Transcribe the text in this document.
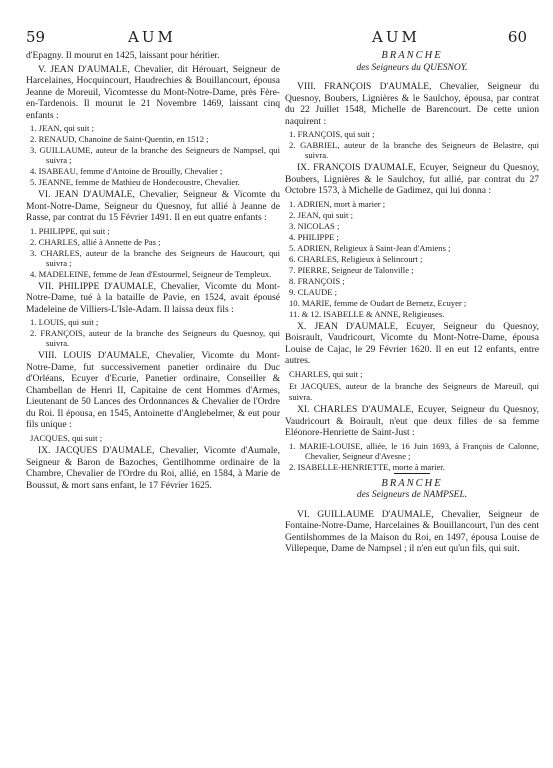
59	AUM	AUM	60

d'Epagny. Il mourut en 1425, laissant pour héritier.

V. JEAN D'AUMALE, Chevalier, dit Hérouart, Seigneur de Harcelaines, Hocquincourt, Haudrechies & Bouillancourt, épousa Jeanne de Moreuil, Vicomtesse du Mont-Notre-Dame, près Fère-en-Tardenois. Il mourut le 21 Novembre 1469, laissant cinq enfants :

1. JEAN, qui suit ;

2. RENAUD, Chanoine de Saint-Quentin, en 1512 ;

3. GUILLAUME, auteur de la branche des Seigneurs de Nampsel, qui suivra ;

4. ISABEAU, femme d'Antoine de Brouilly, Chevalier ;

5. JEANNE, femme de Mathieu de Hondecoustre, Chevalier.

VI. JEAN D'AUMALE, Chevalier, Seigneur & Vicomte du Mont-Notre-Dame, Seigneur du Quesnoy, fut allié à Jeanne de Rasse, par contrat du 15 Février 1491. Il en eut quatre enfants :

1. PHILIPPE, qui suit ;

2. CHARLES, allié à Annette de Pas ;

3. CHARLES, auteur de la branche des Seigneurs de Haucourt, qui suivra ;

4. MADELEINE, femme de Jean d'Estourmel, Seigneur de Templeux.

VII. PHILIPPE D'AUMALE, Chevalier, Vicomte du Mont-Notre-Dame, tué à la bataille de Pavie, en 1524, avait épousé Madeleine de Villiers-L'Isle-Adam. Il laissa deux fils :

1. LOUIS, qui suit ;

2. FRANÇOIS, auteur de la branche des Seigneurs du Quesnoy, qui suivra.

VIII. LOUIS D'AUMALE, Chevalier, Vicomte du Mont-Notre-Dame, fut successivement panetier ordinaire du Duc d'Orléans, Ecuyer d'Ecurie, Panetier ordinaire, Conseiller & Chambellan de Henri II, Capitaine de cent Hommes d'Armes, Lieutenant de 50 Lances des Ordonnances & Chevalier de l'Ordre du Roi. Il épousa, en 1545, Antoinette d'Anglebelmer, & eut pour fils unique :

JACQUES, qui suit ;

IX. JACQUES D'AUMALE, Chevalier, Vicomte d'Aumale, Seigneur & Baron de Bazoches, Gentilhomme ordinaire de la Chambre, Chevalier de l'Ordre du Roi, allié, en 1584, à Marie de Boussut, & mort sans enfant, le 17 Février 1625.

BRANCHE

des Seigneurs du QUESNOY.

VIII. FRANÇOIS D'AUMALE, Chevalier, Seigneur du Quesnoy, Boubers, Lignières & le Saulchoy, épousa, par contrat du 22 Juillet 1548, Michelle de Barencourt. De cette union naquirent :

1. FRANÇOIS, qui suit ;

2. GABRIEL, auteur de la branche des Seigneurs de Belastre, qui suivra.

IX. FRANÇOIS D'AUMALE, Ecuyer, Seigneur du Quesnoy, Boubers, Lignières & le Saulchoy, fut allié, par contrat du 27 Octobre 1573, à Michelle de Gadimez, qui lui donna :

1. ADRIEN, mort à marier ;

2. JEAN, qui suit ;

3. NICOLAS ;

4. PHILIPPE ;

5. ADRIEN, Religieux à Saint-Jean d'Amiens ;

6. CHARLES, Religieux à Selincourt ;

7. PIERRE, Seigneur de Talonville ;

8. FRANÇOIS ;

9. CLAUDE ;

10. MARIE, femme de Oudart de Bernetz, Ecuyer ;

11. & 12. ISABELLE & ANNE, Religieuses.

X. JEAN D'AUMALE, Ecuyer, Seigneur du Quesnoy, Boisrault, Vaudricourt, Vicomte du Mont-Notre-Dame, épousa Louise de Cajac, le 29 Février 1620. Il en eut 12 enfants, entre autres.

CHARLES, qui suit ;

Et JACQUES, auteur de la branche des Seigneurs de Mareuil, qui suivra.

XI. CHARLES D'AUMALE, Ecuyer, Seigneur du Quesnoy, Vaudricourt & Boirault, n'eut que deux filles de sa femme Eléonore-Henriette de Saint-Just :

1. MARIE-LOUISE, alliée, le 16 Juin 1693, à François de Calonne, Chevalier, Seigneur d'Avesne ;

2. ISABELLE-HENRIETTE, morte à marier.

BRANCHE

des Seigneurs de NAMPSEL.

VI. GUILLAUME D'AUMALE, Chevalier, Seigneur de Fontaine-Notre-Dame, Harcelaines & Bouillancourt, l'un des cent Gentilshommes de la Maison du Roi, en 1497, épousa Louise de Villepeque, Dame de Nampsel ; il n'en eut qu'un fils, qui suit.
